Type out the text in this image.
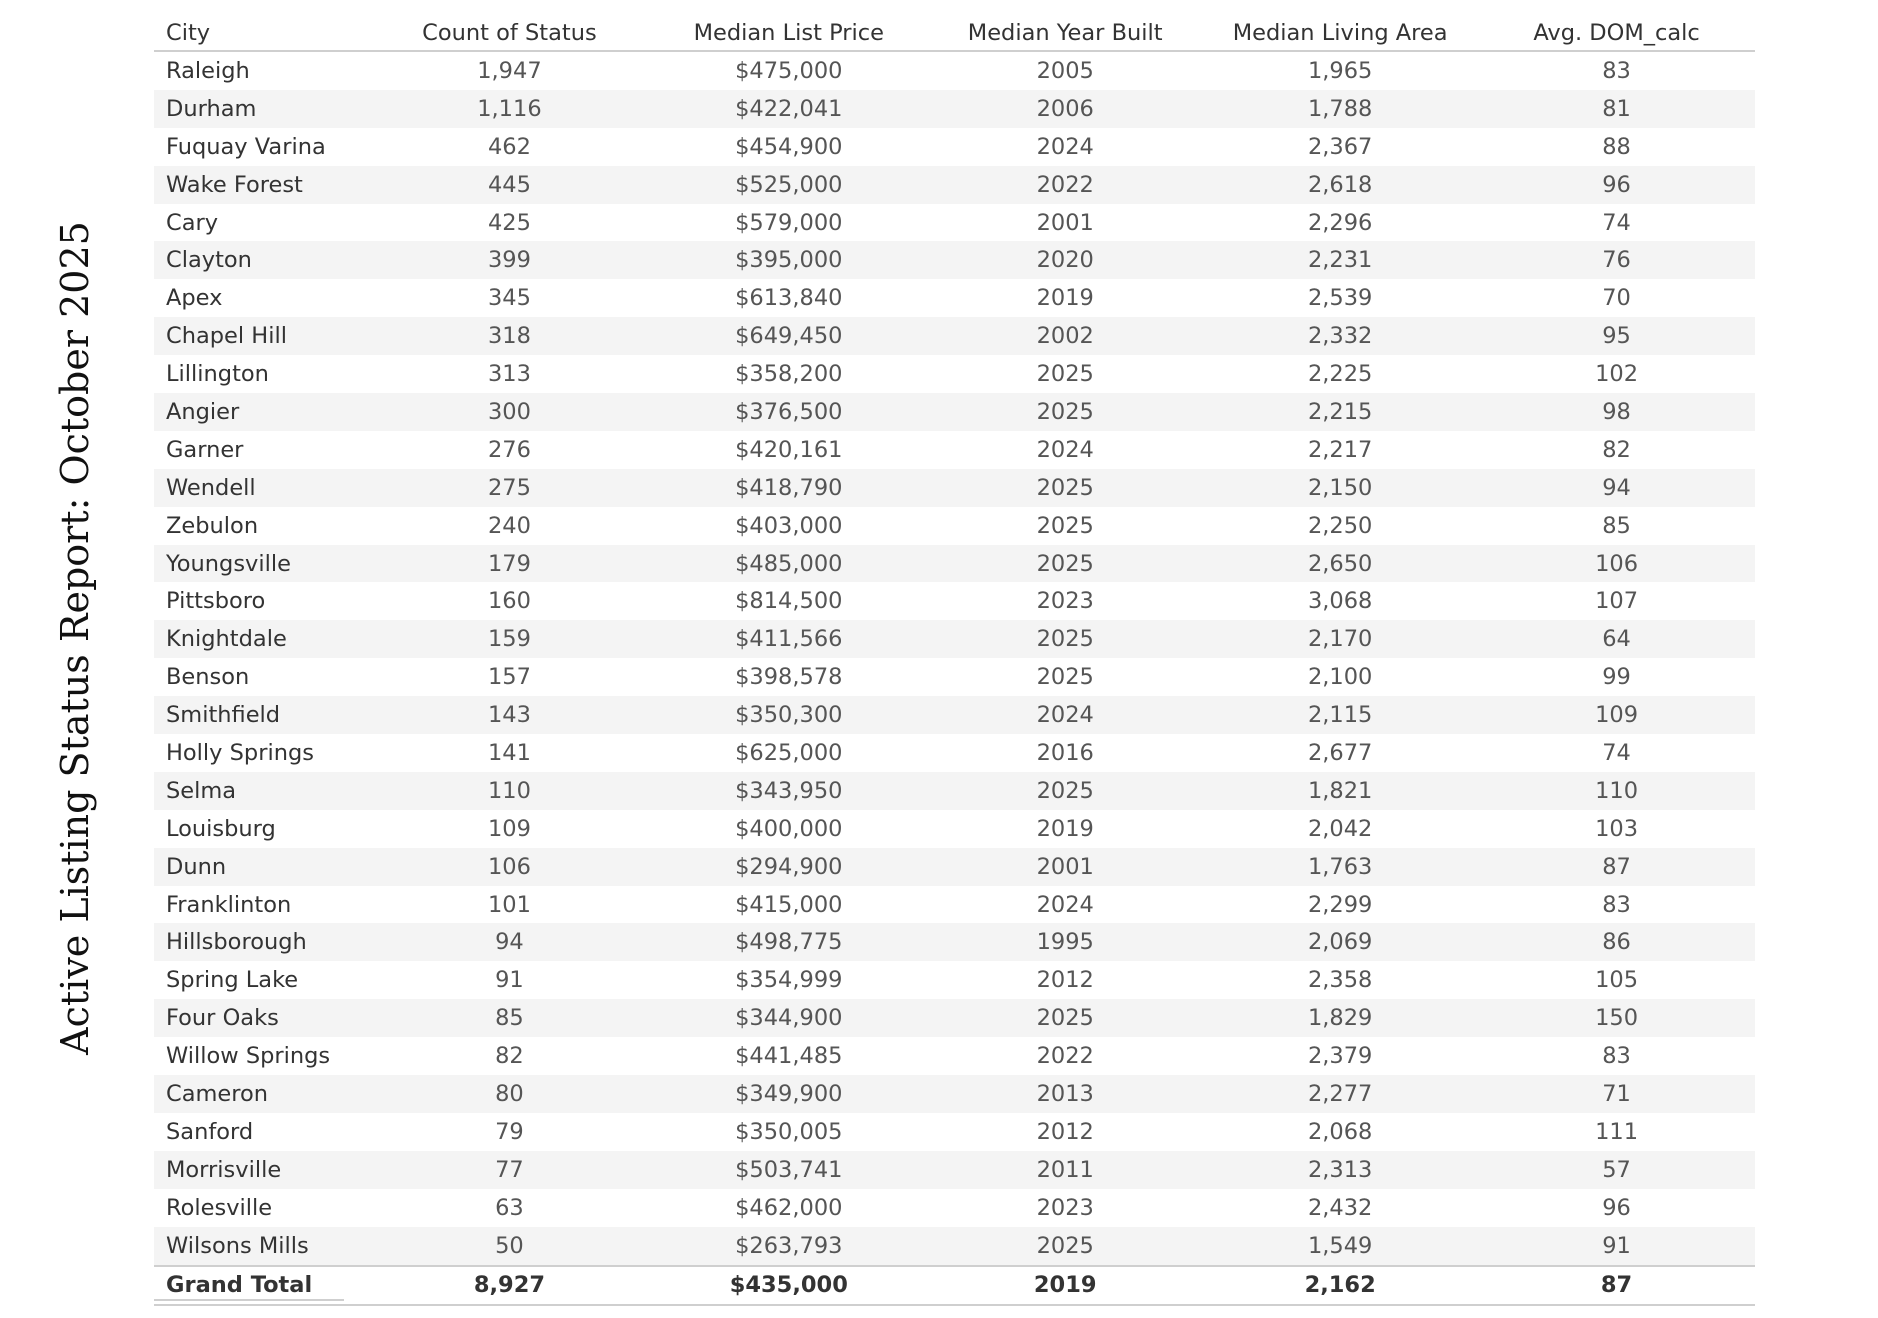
Active Listing Status Report: October 2025
City	Count of Status	Median List Price	Median Year Built	Median Living Area	Avg. DOM_calc
Raleigh	1,947	$475,000	2005	1,965	83
Durham	1,116	$422,041	2006	1,788	81
Fuquay Varina	462	$454,900	2024	2,367	88
Wake Forest	445	$525,000	2022	2,618	96
Cary	425	$579,000	2001	2,296	74
Clayton	399	$395,000	2020	2,231	76
Apex	345	$613,840	2019	2,539	70
Chapel Hill	318	$649,450	2002	2,332	95
Lillington	313	$358,200	2025	2,225	102
Angier	300	$376,500	2025	2,215	98
Garner	276	$420,161	2024	2,217	82
Wendell	275	$418,790	2025	2,150	94
Zebulon	240	$403,000	2025	2,250	85
Youngsville	179	$485,000	2025	2,650	106
Pittsboro	160	$814,500	2023	3,068	107
Knightdale	159	$411,566	2025	2,170	64
Benson	157	$398,578	2025	2,100	99
Smithfield	143	$350,300	2024	2,115	109
Holly Springs	141	$625,000	2016	2,677	74
Selma	110	$343,950	2025	1,821	110
Louisburg	109	$400,000	2019	2,042	103
Dunn	106	$294,900	2001	1,763	87
Franklinton	101	$415,000	2024	2,299	83
Hillsborough	94	$498,775	1995	2,069	86
Spring Lake	91	$354,999	2012	2,358	105
Four Oaks	85	$344,900	2025	1,829	150
Willow Springs	82	$441,485	2022	2,379	83
Cameron	80	$349,900	2013	2,277	71
Sanford	79	$350,005	2012	2,068	111
Morrisville	77	$503,741	2011	2,313	57
Rolesville	63	$462,000	2023	2,432	96
Wilsons Mills	50	$263,793	2025	1,549	91
Grand Total	8,927	$435,000	2019	2,162	87
